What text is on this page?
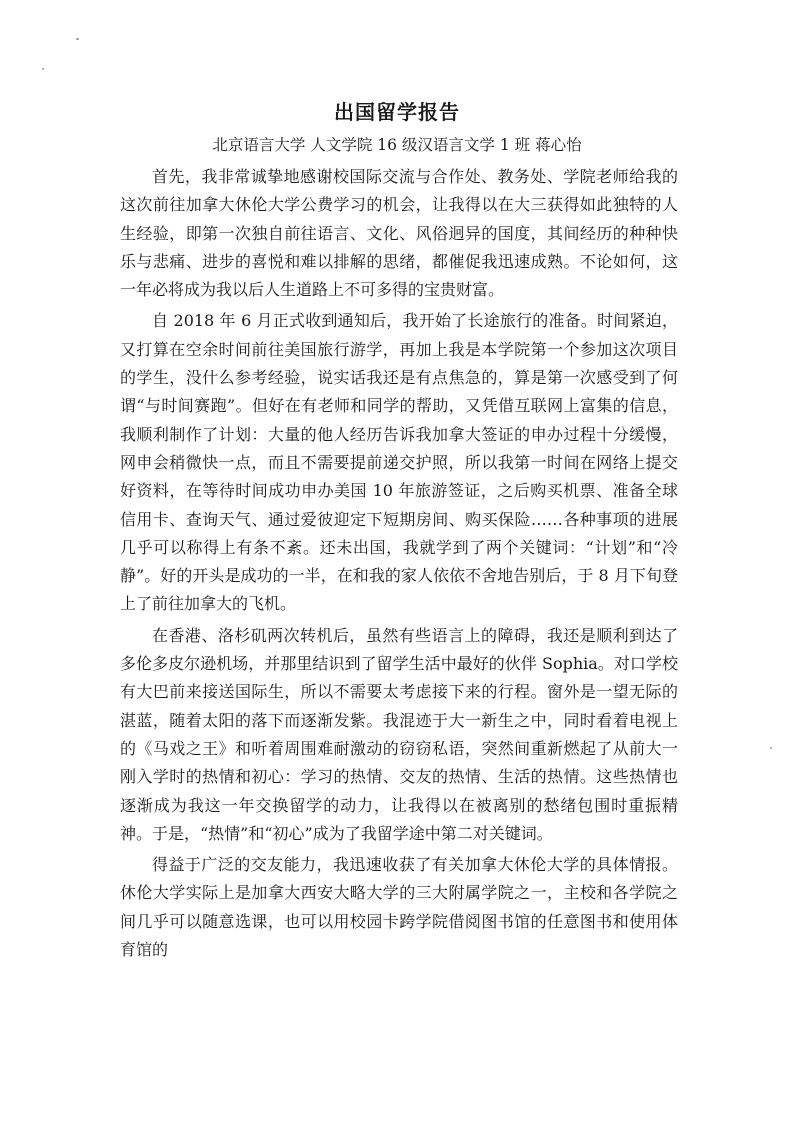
出国留学报告
北京语言大学 人文学院 16 级汉语言文学 1 班 蒋心怡

首先，我非常诚挚地感谢校国际交流与合作处、教务处、学院老师给我的这次前往加拿大休伦大学公费学习的机会，让我得以在大三获得如此独特的人生经验，即第一次独自前往语言、文化、风俗迥异的国度，其间经历的种种快乐与悲痛、进步的喜悦和难以排解的思绪，都催促我迅速成熟。不论如何，这一年必将成为我以后人生道路上不可多得的宝贵财富。

自 2018 年 6 月正式收到通知后，我开始了长途旅行的准备。时间紧迫，又打算在空余时间前往美国旅行游学，再加上我是本学院第一个参加这次项目的学生，没什么参考经验，说实话我还是有点焦急的，算是第一次感受到了何谓“与时间赛跑”。但好在有老师和同学的帮助，又凭借互联网上富集的信息，我顺利制作了计划：大量的他人经历告诉我加拿大签证的申办过程十分缓慢，网申会稍微快一点，而且不需要提前递交护照，所以我第一时间在网络上提交好资料，在等待时间成功申办美国 10 年旅游签证，之后购买机票、准备全球信用卡、查询天气、通过爱彼迎定下短期房间、购买保险……各种事项的进展几乎可以称得上有条不紊。还未出国，我就学到了两个关键词：“计划”和“冷静”。好的开头是成功的一半，在和我的家人依依不舍地告别后，于 8 月下旬登上了前往加拿大的飞机。

在香港、洛杉矶两次转机后，虽然有些语言上的障碍，我还是顺利到达了多伦多皮尔逊机场，并那里结识到了留学生活中最好的伙伴 Sophia。对口学校有大巴前来接送国际生，所以不需要太考虑接下来的行程。窗外是一望无际的湛蓝，随着太阳的落下而逐渐发紫。我混迹于大一新生之中，同时看着电视上的《马戏之王》和听着周围难耐激动的窃窃私语，突然间重新燃起了从前大一刚入学时的热情和初心：学习的热情、交友的热情、生活的热情。这些热情也逐渐成为我这一年交换留学的动力，让我得以在被离别的愁绪包围时重振精神。于是，“热情”和“初心”成为了我留学途中第二对关键词。

得益于广泛的交友能力，我迅速收获了有关加拿大休伦大学的具体情报。休伦大学实际上是加拿大西安大略大学的三大附属学院之一，主校和各学院之间几乎可以随意选课，也可以用校园卡跨学院借阅图书馆的任意图书和使用体育馆的
